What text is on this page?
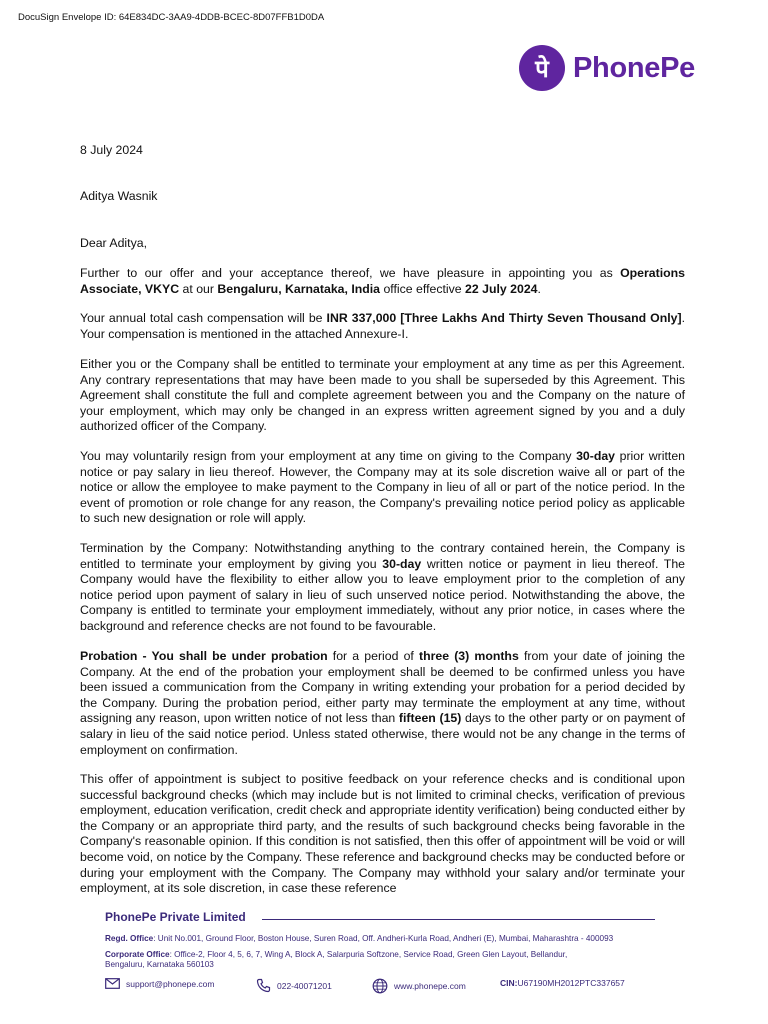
DocuSign Envelope ID: 64E834DC-3AA9-4DDB-BCEC-8D07FFB1D0DA
पे PhonePe
8 July 2024
Aditya Wasnik
Dear Aditya,
Further to our offer and your acceptance thereof, we have pleasure in appointing you as Operations Associate, VKYC at our Bengaluru, Karnataka, India office effective 22 July 2024.
Your annual total cash compensation will be INR 337,000 [Three Lakhs And Thirty Seven Thousand Only]. Your compensation is mentioned in the attached Annexure-I.
Either you or the Company shall be entitled to terminate your employment at any time as per this Agreement. Any contrary representations that may have been made to you shall be superseded by this Agreement. This Agreement shall constitute the full and complete agreement between you and the Company on the nature of your employment, which may only be changed in an express written agreement signed by you and a duly authorized officer of the Company.
You may voluntarily resign from your employment at any time on giving to the Company 30-day prior written notice or pay salary in lieu thereof. However, the Company may at its sole discretion waive all or part of the notice or allow the employee to make payment to the Company in lieu of all or part of the notice period. In the event of promotion or role change for any reason, the Company's prevailing notice period policy as applicable to such new designation or role will apply.
Termination by the Company: Notwithstanding anything to the contrary contained herein, the Company is entitled to terminate your employment by giving you 30-day written notice or payment in lieu thereof. The Company would have the flexibility to either allow you to leave employment prior to the completion of any notice period upon payment of salary in lieu of such unserved notice period. Notwithstanding the above, the Company is entitled to terminate your employment immediately, without any prior notice, in cases where the background and reference checks are not found to be favourable.
Probation - You shall be under probation for a period of three (3) months from your date of joining the Company. At the end of the probation your employment shall be deemed to be confirmed unless you have been issued a communication from the Company in writing extending your probation for a period decided by the Company. During the probation period, either party may terminate the employment at any time, without assigning any reason, upon written notice of not less than fifteen (15) days to the other party or on payment of salary in lieu of the said notice period. Unless stated otherwise, there would not be any change in the terms of employment on confirmation.
This offer of appointment is subject to positive feedback on your reference checks and is conditional upon successful background checks (which may include but is not limited to criminal checks, verification of previous employment, education verification, credit check and appropriate identity verification) being conducted either by the Company or an appropriate third party, and the results of such background checks being favorable in the Company's reasonable opinion. If this condition is not satisfied, then this offer of appointment will be void or will become void, on notice by the Company. These reference and background checks may be conducted before or during your employment with the Company. The Company may withhold your salary and/or terminate your employment, at its sole discretion, in case these reference
PhonePe Private Limited
Regd. Office: Unit No.001, Ground Floor, Boston House, Suren Road, Off. Andheri-Kurla Road, Andheri (E), Mumbai, Maharashtra - 400093
Corporate Office: Office-2, Floor 4, 5, 6, 7, Wing A, Block A, Salarpuria Softzone, Service Road, Green Glen Layout, Bellandur,
Bengaluru, Karnataka 560103
support@phonepe.com	022-40071201	www.phonepe.com	CIN: U67190MH2012PTC337657
